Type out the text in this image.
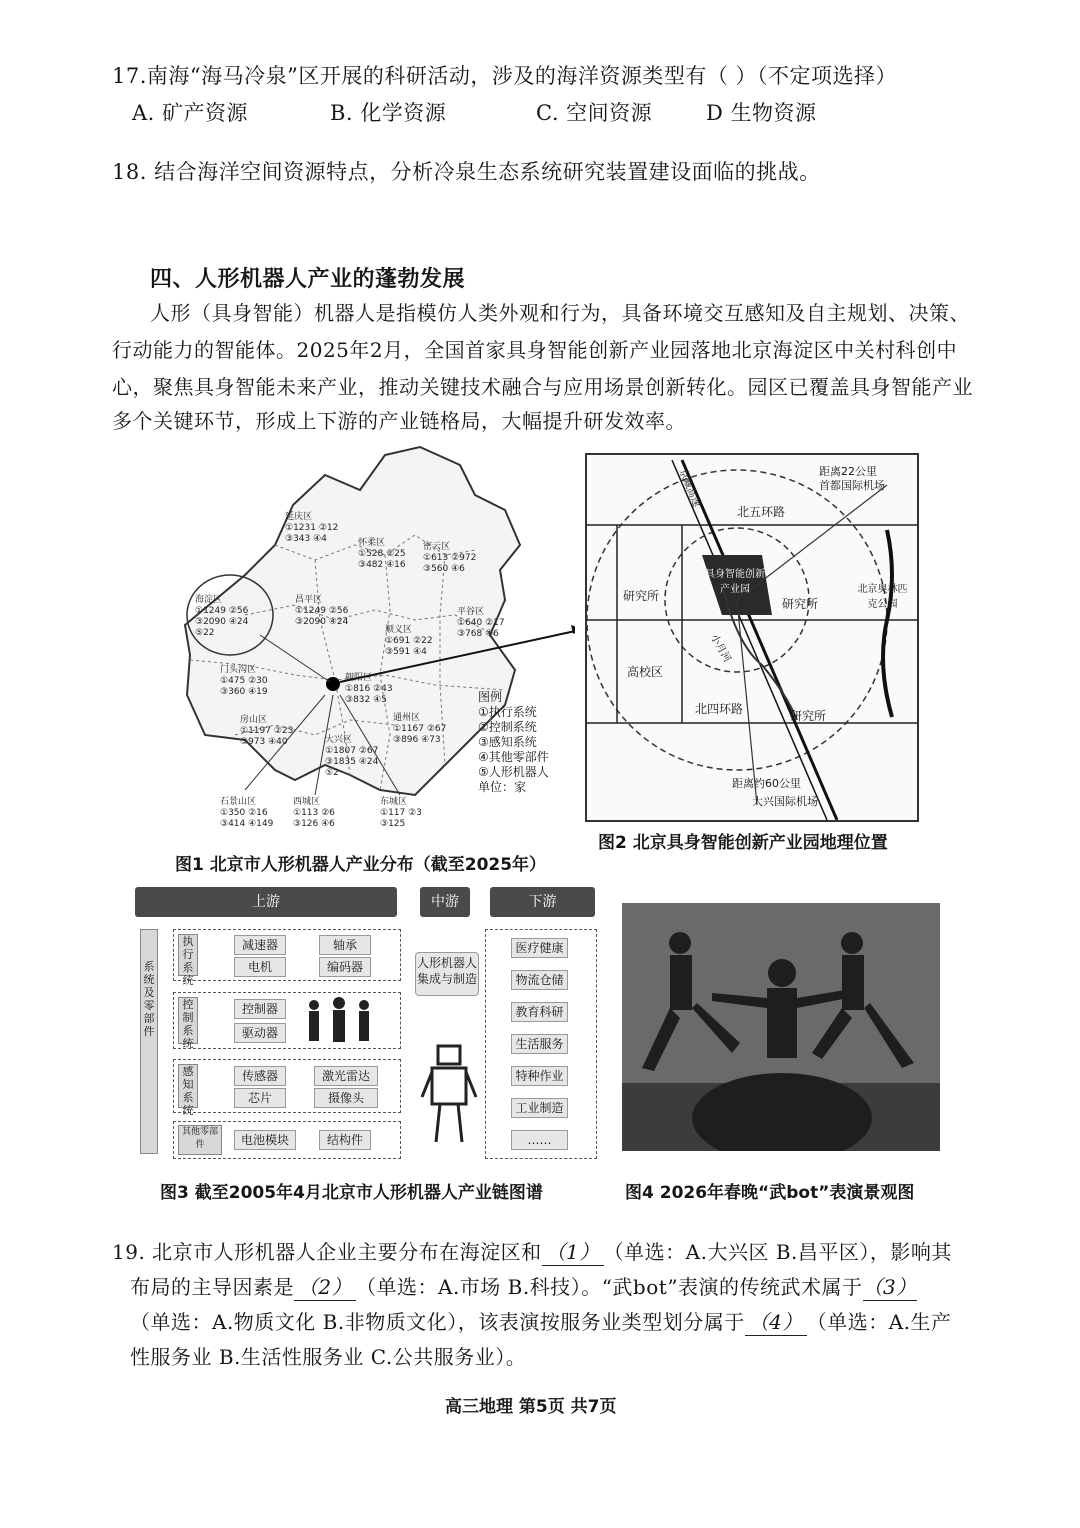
17.南海“海马冷泉”区开展的科研活动，涉及的海洋资源类型有（ ）（不定项选择）
A. 矿产资源	B. 化学资源	C. 空间资源	D 生物资源
18. 结合海洋空间资源特点，分析冷泉生态系统研究装置建设面临的挑战。
四、人形机器人产业的蓬勃发展
人形（具身智能）机器人是指模仿人类外观和行为，具备环境交互感知及自主规划、决策、
行动能力的智能体。2025年2月，全国首家具身智能创新产业园落地北京海淀区中关村科创中
心，聚焦具身智能未来产业，推动关键技术融合与应用场景创新转化。园区已覆盖具身智能产业
多个关键环节，形成上下游的产业链格局，大幅提升研发效率。
延庆区
①1231 ②12
③343 ④4	怀柔区
①528 ②25
③482 ④16
密云区
①613 ②972
③560 ④6
海淀区
①1249 ②56
③2090 ④24
⑤22
昌平区
①1249 ②56
③2090 ④24
平谷区
①640 ②17
③768 ④6
顺义区
①691 ②22
③591 ④4
门头沟区
①475 ②30
③360 ④19
朝阳区
①816 ②43
③832 ④5
房山区
①1197 ②23
③973 ④40
通州区
①1167 ②67
③896 ④73
大兴区
①1807 ②67
③1835 ④24
⑤2
石景山区
①350 ②16
③414 ④149
西城区
①113 ②6
③126 ④6
东城区
①117 ②3
③125
图例
①执行系统
②控制系统
③感知系统
④其他零部件
⑤人形机器人
单位：家
图1 北京市人形机器人产业分布（截至2025年）
距离22公里
首都国际机场
北五环路
北四环路
京藏高速
具身智能创新产业园
研究所
研究所
研究所
高校区
小月河
北京奥林匹克公园
距离约60公里
大兴国际机场
图2 北京具身智能创新产业园地理位置
上游	中游	下游
系统及零部件
执行系统
减速器	轴承
电机	编码器
控制系统
控制器
驱动器
感知系统
传感器	激光雷达
芯片	摄像头
其他零部件	电池模块	结构件
人形机器人集成与制造
医疗健康
物流仓储
教育科研
生活服务
特种作业
工业制造
……
图3 截至2005年4月北京市人形机器人产业链图谱	图4 2026年春晚“武bot”表演景观图
19. 北京市人形机器人企业主要分布在海淀区和 （1） （单选：A.大兴区 B.昌平区），影响其
布局的主导因素是 （2） （单选：A.市场 B.科技）。“武bot”表演的传统武术属于（3）
（单选：A.物质文化 B.非物质文化），该表演按服务业类型划分属于 （4） （单选：A.生产
性服务业 B.生活性服务业 C.公共服务业）。
高三地理 第5页 共7页
